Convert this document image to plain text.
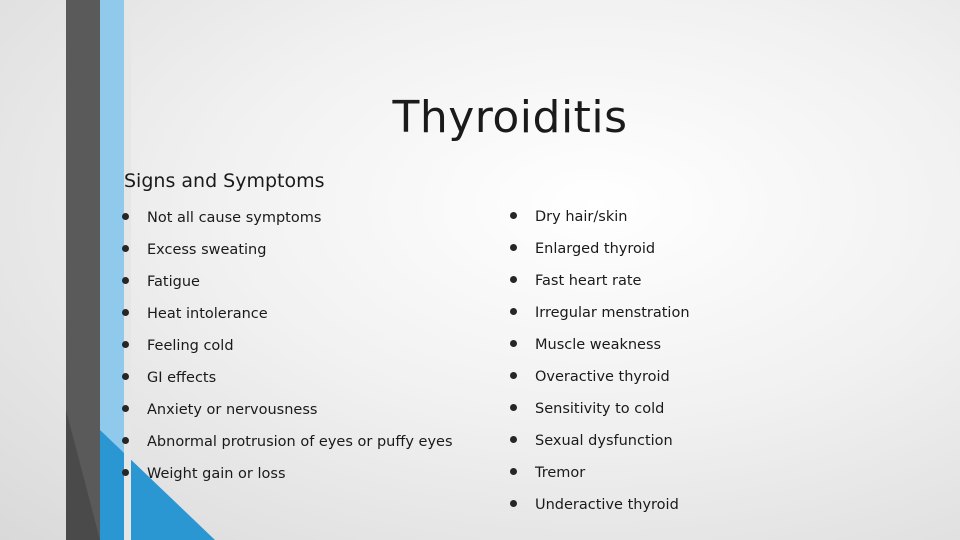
Thyroiditis
Signs and Symptoms
Not all cause symptoms
Excess sweating
Fatigue
Heat intolerance
Feeling cold
GI effects
Anxiety or nervousness
Abnormal protrusion of eyes or puffy eyes
Weight gain or loss
Dry hair/skin
Enlarged thyroid
Fast heart rate
Irregular menstration
Muscle weakness
Overactive thyroid
Sensitivity to cold
Sexual dysfunction
Tremor
Underactive thyroid
